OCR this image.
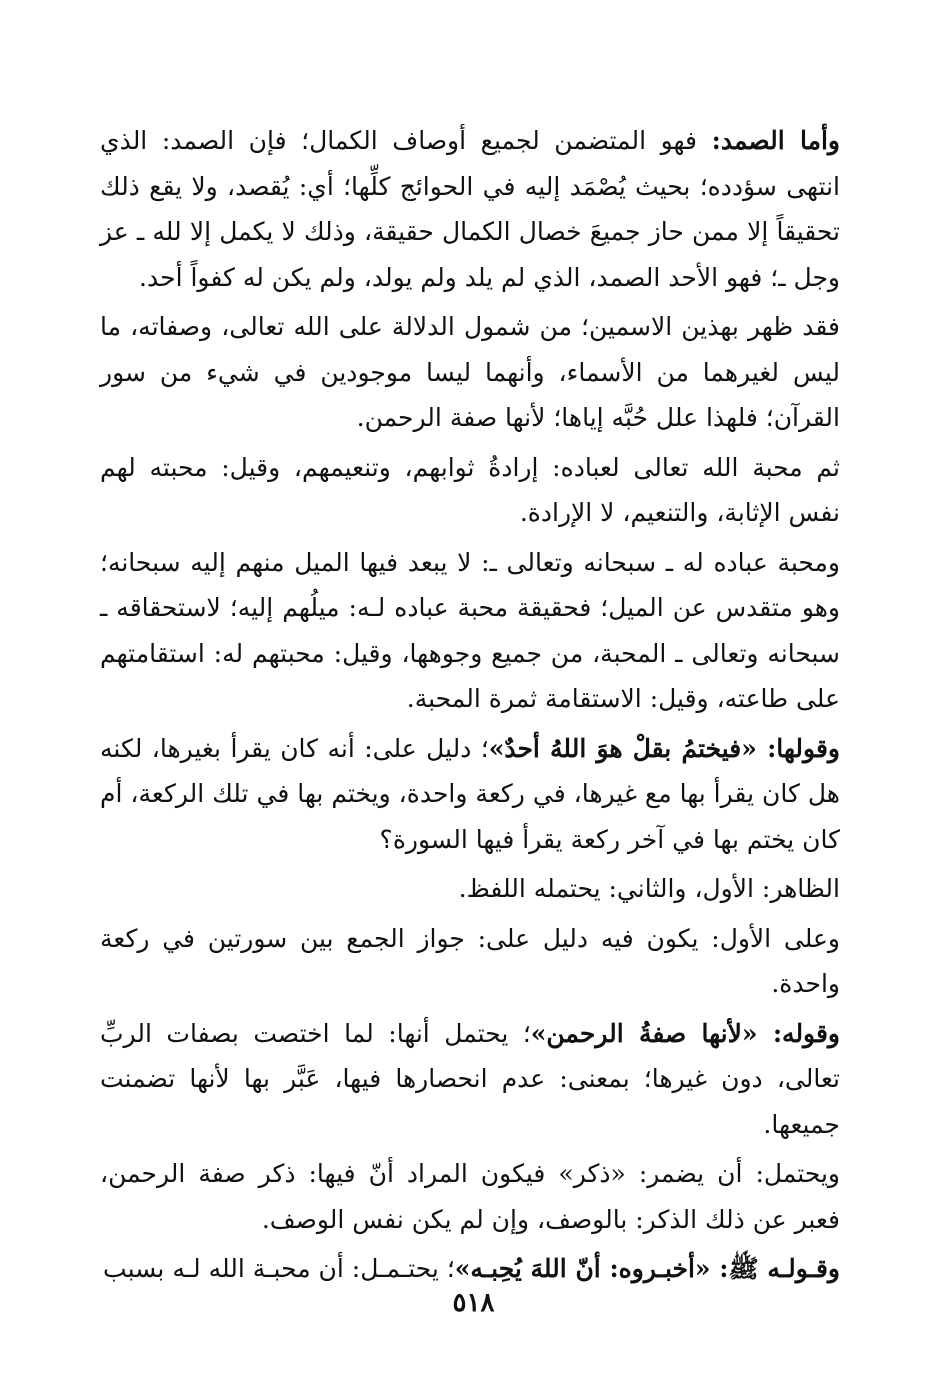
وأما الصمد: فهو المتضمن لجميع أوصاف الكمال؛ فإن الصمد: الذي انتهى سؤدده؛ بحيث يُصْمَد إليه في الحوائج كلِّها؛ أي: يُقصد، ولا يقع ذلك تحقيقاً إلا ممن حاز جميعَ خصال الكمال حقيقة، وذلك لا يكمل إلا لله ـ عز وجل ـ؛ فهو الأحد الصمد، الذي لم يلد ولم يولد، ولم يكن له كفواً أحد.

فقد ظهر بهذين الاسمين؛ من شمول الدلالة على الله تعالى، وصفاته، ما ليس لغيرهما من الأسماء، وأنهما ليسا موجودين في شيء من سور القرآن؛ فلهذا علل حُبَّه إياها؛ لأنها صفة الرحمن.

ثم محبة الله تعالى لعباده: إرادةُ ثوابهم، وتنعيمهم، وقيل: محبته لهم نفس الإثابة، والتنعيم، لا الإرادة.

ومحبة عباده له ـ سبحانه وتعالى ـ: لا يبعد فيها الميل منهم إليه سبحانه؛ وهو متقدس عن الميل؛ فحقيقة محبة عباده لـه: ميلُهم إليه؛ لاستحقاقه ـ سبحانه وتعالى ـ المحبة، من جميع وجوهها، وقيل: محبتهم له: استقامتهم على طاعته، وقيل: الاستقامة ثمرة المحبة.

وقولها: «فيختمُ بقلْ هوَ اللهُ أحدٌ»؛ دليل على: أنه كان يقرأ بغيرها، لكنه هل كان يقرأ بها مع غيرها، في ركعة واحدة، ويختم بها في تلك الركعة، أم كان يختم بها في آخر ركعة يقرأ فيها السورة؟

الظاهر: الأول، والثاني: يحتمله اللفظ.

وعلى الأول: يكون فيه دليل على: جواز الجمع بين سورتين في ركعة واحدة.

وقوله: «لأنها صفةُ الرحمن»؛ يحتمل أنها: لما اختصت بصفات الربِّ تعالى، دون غيرها؛ بمعنى: عدم انحصارها فيها، عَبَّر بها لأنها تضمنت جميعها.

ويحتمل: أن يضمر: «ذكر» فيكون المراد أنّ فيها: ذكر صفة الرحمن، فعبر عن ذلك الذكر: بالوصف، وإن لم يكن نفس الوصف.

وقـولـه ﷺ: «أخبـروه: أنّ اللهَ يُحِبـه»؛ يحتـمـل: أن محبـة الله لـه بسبب

٥١٨
